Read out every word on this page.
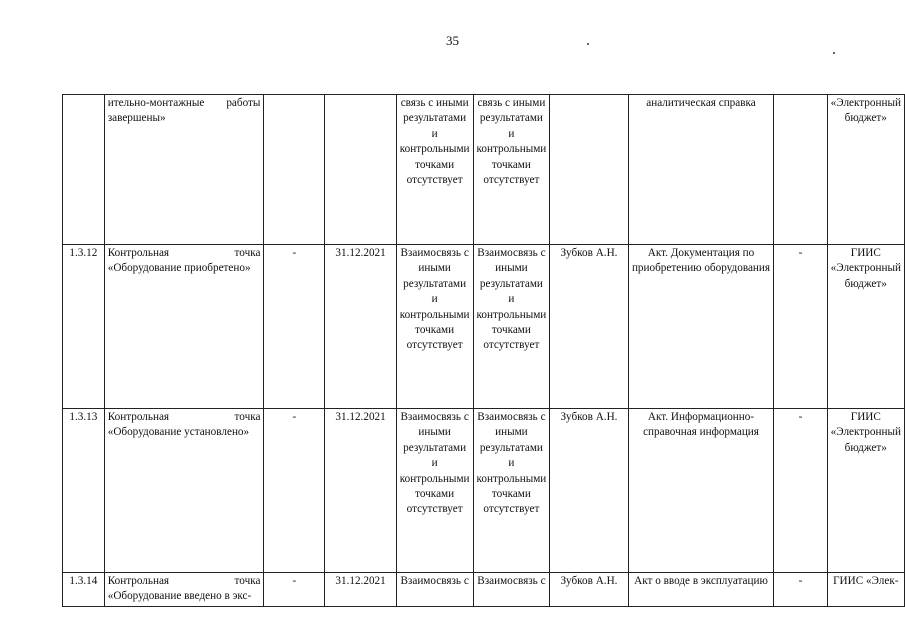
35
	ительно-монтажные работы завершены»			связь с иными результатами и контрольными точками отсутствует	связь с иными результатами и контрольными точками отсутствует		аналитическая справка		«Электронный бюджет»
1.3.12	Контрольная точка «Оборудование приобретено»	-	31.12.2021	Взаимосвязь с иными результатами и контрольными точками отсутствует	Взаимосвязь с иными результатами и контрольными точками отсутствует	Зубков А.Н.	Акт. Документация по приобретению оборудования	-	ГИИС «Электронный бюджет»
1.3.13	Контрольная точка «Оборудование установлено»	-	31.12.2021	Взаимосвязь с иными результатами и контрольными точками отсутствует	Взаимосвязь с иными результатами и контрольными точками отсутствует	Зубков А.Н.	Акт. Информационно-справочная информация	-	ГИИС «Электронный бюджет»
1.3.14	Контрольная точка «Оборудование введено в экс-	-	31.12.2021	Взаимосвязь с	Взаимосвязь с	Зубков А.Н.	Акт о вводе в эксплуатацию	-	ГИИС «Элек-
